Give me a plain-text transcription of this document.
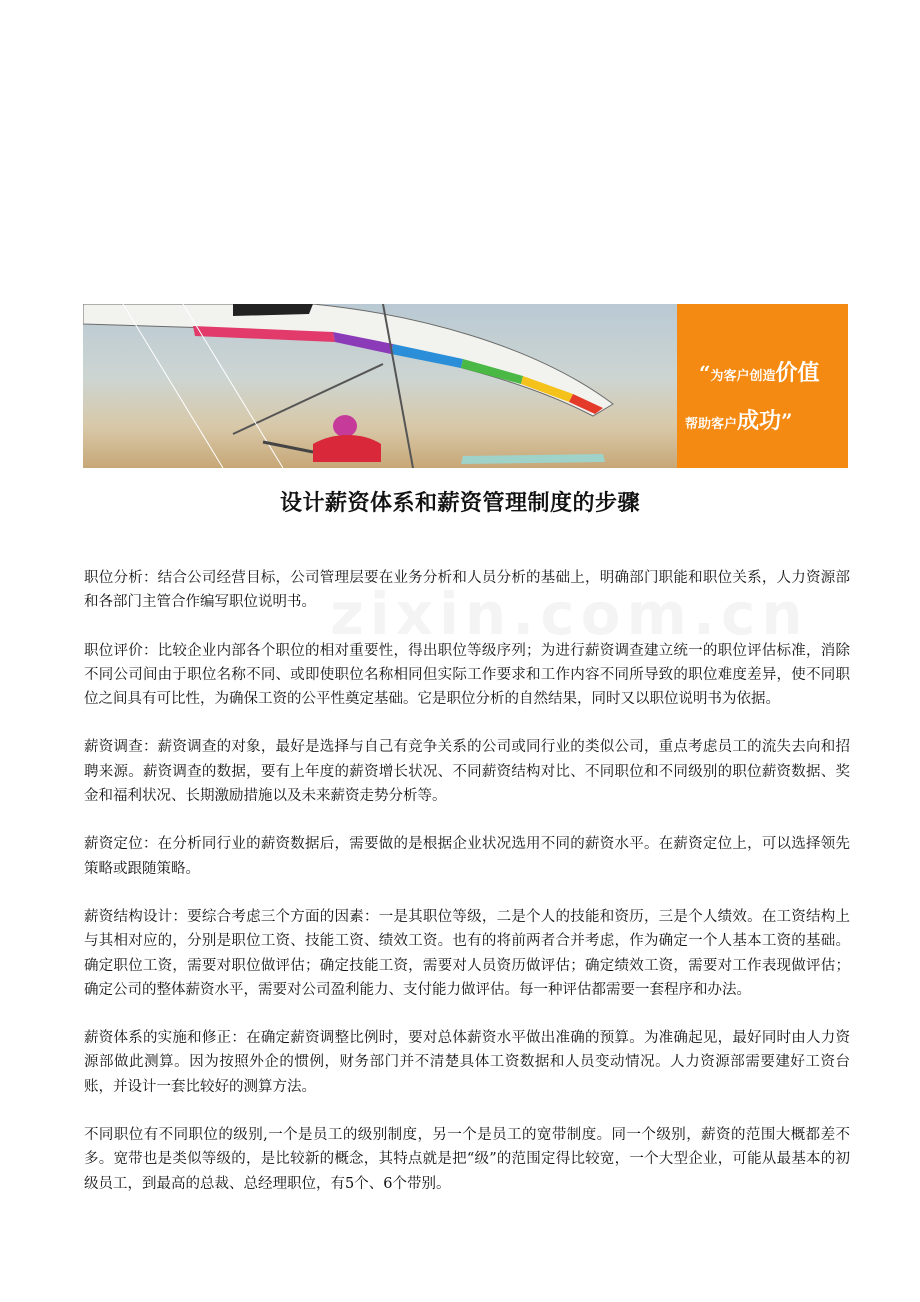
“为客户创造价值
帮助客户成功”
设计薪资体系和薪资管理制度的步骤

职位分析：结合公司经营目标，公司管理层要在业务分析和人员分析的基础上，明确部门职能和职位关系，人力资源部和各部门主管合作编写职位说明书。

职位评价：比较企业内部各个职位的相对重要性，得出职位等级序列；为进行薪资调查建立统一的职位评估标准，消除不同公司间由于职位名称不同、或即使职位名称相同但实际工作要求和工作内容不同所导致的职位难度差异，使不同职位之间具有可比性，为确保工资的公平性奠定基础。它是职位分析的自然结果，同时又以职位说明书为依据。

薪资调查：薪资调查的对象，最好是选择与自己有竞争关系的公司或同行业的类似公司，重点考虑员工的流失去向和招聘来源。薪资调查的数据，要有上年度的薪资增长状况、不同薪资结构对比、不同职位和不同级别的职位薪资数据、奖金和福利状况、长期激励措施以及未来薪资走势分析等。

薪资定位：在分析同行业的薪资数据后，需要做的是根据企业状况选用不同的薪资水平。在薪资定位上，可以选择领先策略或跟随策略。

薪资结构设计：要综合考虑三个方面的因素：一是其职位等级，二是个人的技能和资历，三是个人绩效。在工资结构上与其相对应的，分别是职位工资、技能工资、绩效工资。也有的将前两者合并考虑，作为确定一个人基本工资的基础。确定职位工资，需要对职位做评估；确定技能工资，需要对人员资历做评估；确定绩效工资，需要对工作表现做评估；确定公司的整体薪资水平，需要对公司盈利能力、支付能力做评估。每一种评估都需要一套程序和办法。

薪资体系的实施和修正：在确定薪资调整比例时，要对总体薪资水平做出准确的预算。为准确起见，最好同时由人力资源部做此测算。因为按照外企的惯例，财务部门并不清楚具体工资数据和人员变动情况。人力资源部需要建好工资台账，并设计一套比较好的测算方法。

不同职位有不同职位的级别,一个是员工的级别制度，另一个是员工的宽带制度。同一个级别，薪资的范围大概都差不多。宽带也是类似等级的，是比较新的概念，其特点就是把“级”的范围定得比较宽，一个大型企业，可能从最基本的初级员工，到最高的总裁、总经理职位，有5个、6个带别。
